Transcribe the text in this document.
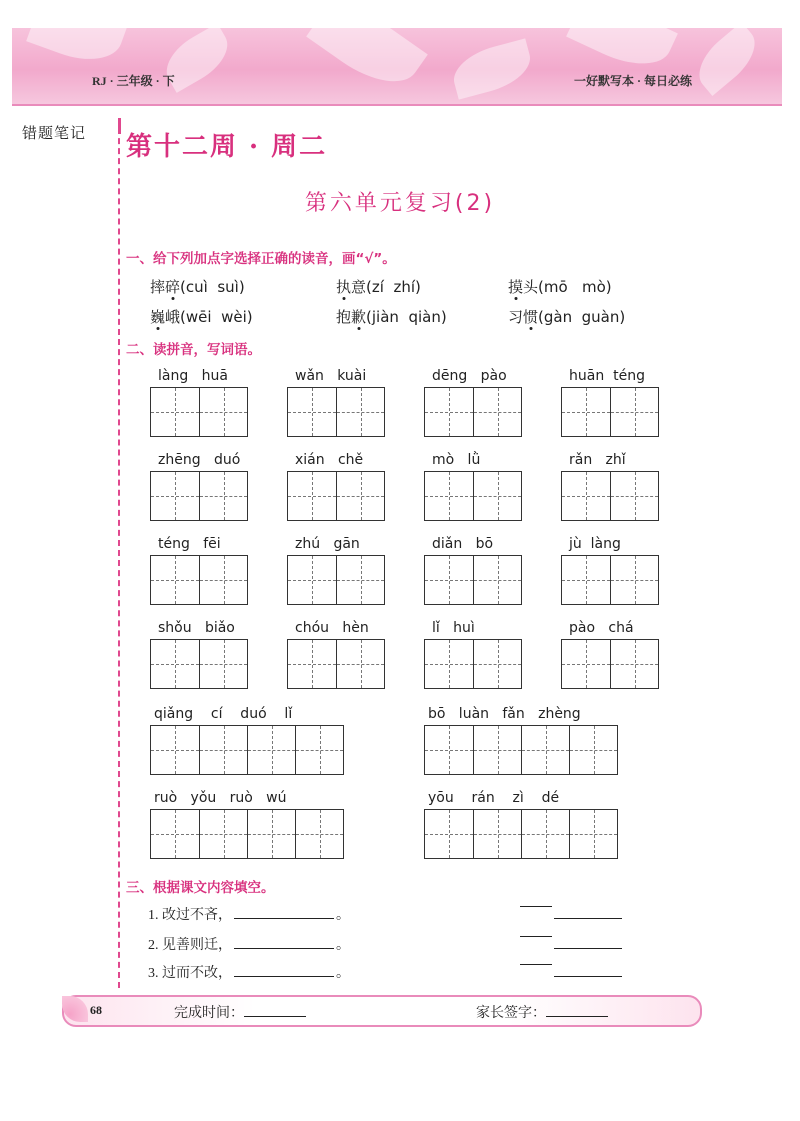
RJ · 三年级 · 下	一好默写本 · 每日必练
错题笔记 第十二周 · 周二
第六单元复习(2)
一、给下列加点字选择正确的读音，画“√”。
摔碎(cuì  suì)	执意(zí  zhí)	摸头(mō   mò)
巍峨(wēi  wèi)	抱歉(jiàn  qiàn)	习惯(gàn  guàn)
二、读拼音，写词语。
làng   huā	wǎn   kuài	dēng   pào	huān  téng
zhēng   duó	xián   chě	mò   lǜ	rǎn   zhǐ
téng   fēi	zhú   gān	diǎn   bō	jù  làng
shǒu   biǎo	chóu   hèn	lǐ   huì	pào   chá
qiǎng    cí    duó    lǐ	bō   luàn   fǎn   zhèng
ruò   yǒu   ruò   wú	yōu    rán    zì    dé
三、根据课文内容填空。
1. 改过不吝，	。
2. 见善则迁，	。
3. 过而不改，	。
68	完成时间：	家长签字：
